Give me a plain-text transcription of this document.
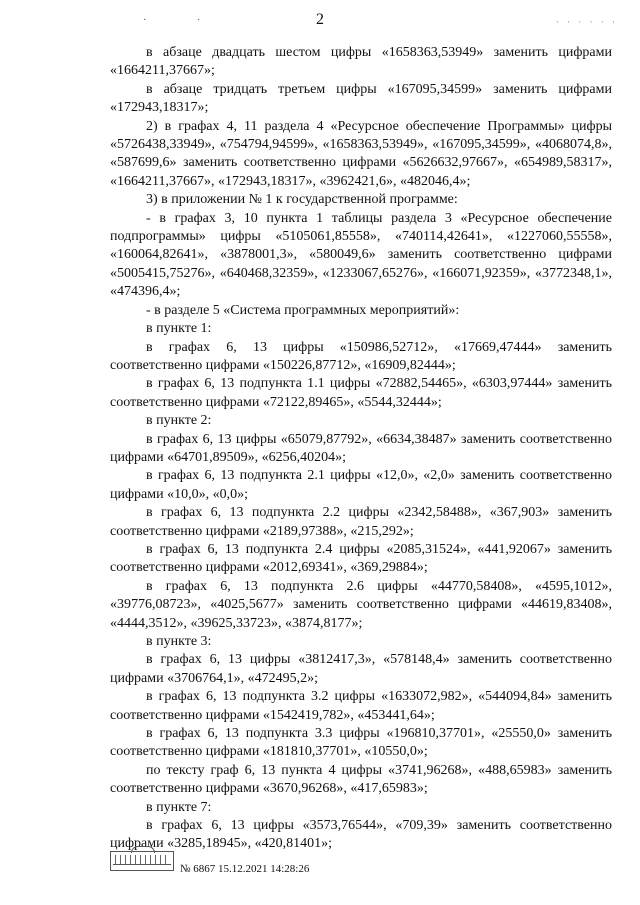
2
· ·	· · · · · ·

в абзаце двадцать шестом цифры «1658363,53949» заменить цифрами «1664211,37667»;

в абзаце тридцать третьем цифры «167095,34599» заменить цифрами «172943,18317»;

2) в графах 4, 11 раздела 4 «Ресурсное обеспечение Программы» цифры «5726438,33949», «754794,94599», «1658363,53949», «167095,34599», «4068074,8», «587699,6» заменить соответственно цифрами «5626632,97667», «654989,58317», «1664211,37667», «172943,18317», «3962421,6», «482046,4»;

3) в приложении № 1 к государственной программе:

- в графах 3, 10 пункта 1 таблицы раздела 3 «Ресурсное обеспечение подпрограммы» цифры «5105061,85558», «740114,42641», «1227060,55558», «160064,82641», «3878001,3», «580049,6» заменить соответственно цифрами «5005415,75276», «640468,32359», «1233067,65276», «166071,92359», «3772348,1», «474396,4»;

- в разделе 5 «Система программных мероприятий»:

в пункте 1:

в графах 6, 13 цифры «150986,52712», «17669,47444» заменить соответственно цифрами «150226,87712», «16909,82444»;

в графах 6, 13 подпункта 1.1 цифры «72882,54465», «6303,97444» заменить соответственно цифрами «72122,89465», «5544,32444»;

в пункте 2:

в графах 6, 13 цифры «65079,87792», «6634,38487» заменить соответственно цифрами «64701,89509», «6256,40204»;

в графах 6, 13 подпункта 2.1 цифры «12,0», «2,0» заменить соответственно цифрами «10,0», «0,0»;

в графах 6, 13 подпункта 2.2 цифры «2342,58488», «367,903» заменить соответственно цифрами «2189,97388», «215,292»;

в графах 6, 13 подпункта 2.4 цифры «2085,31524», «441,92067» заменить соответственно цифрами «2012,69341», «369,29884»;

в графах 6, 13 подпункта 2.6 цифры «44770,58408», «4595,1012», «39776,08723», «4025,5677» заменить соответственно цифрами «44619,83408», «4444,3512», «39625,33723», «3874,8177»;

в пункте 3:

в графах 6, 13 цифры «3812417,3», «578148,4» заменить соответственно цифрами «3706764,1», «472495,2»;

в графах 6, 13 подпункта 3.2 цифры «1633072,982», «544094,84» заменить соответственно цифрами «1542419,782», «453441,64»;

в графах 6, 13 подпункта 3.3 цифры «196810,37701», «25550,0» заменить соответственно цифрами «181810,37701», «10550,0»;

по тексту граф 6, 13 пункта 4 цифры «3741,96268», «488,65983» заменить соответственно цифрами «3670,96268», «417,65983»;

в пункте 7:

в графах 6, 13 цифры «3573,76544», «709,39» заменить соответственно цифрами «3285,18945», «420,81401»;

№ 6867 15.12.2021 14:28:26
